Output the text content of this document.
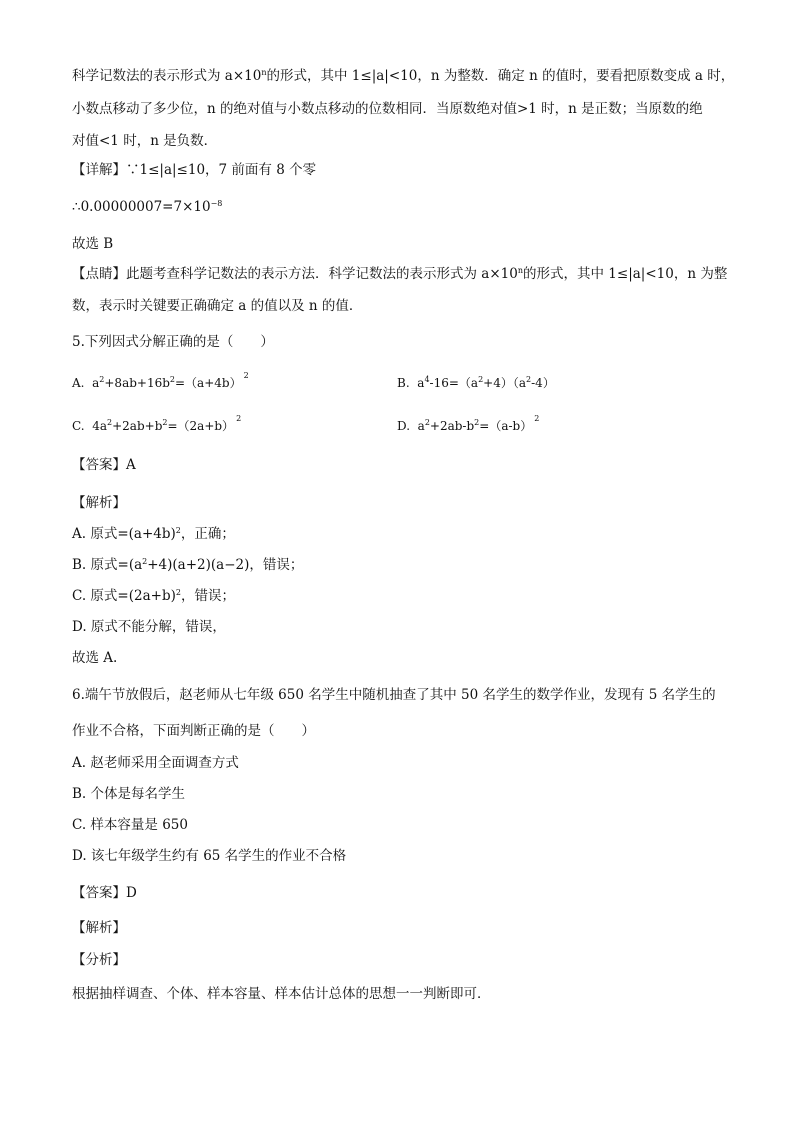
科学记数法的表示形式为 $a\times 10^n$的形式，其中 1≤|a|<10，n 为整数．确定 n 的值时，要看把原数变成 a 时，
小数点移动了多少位，n 的绝对值与小数点移动的位数相同．当原数绝对值>1 时，n 是正数；当原数的绝
对值<1 时，n 是负数．
【详解】∵1≤|a|≤10，7 前面有 8 个零
$\therefore 0.00000007=7\times 10^{-8}$
故选 B
【点睛】此题考查科学记数法的表示方法．科学记数法的表示形式为 $a\times 10^n$的形式，其中 1≤|a|<10，n 为整
数，表示时关键要正确确定 a 的值以及 n 的值．
5.下列因式分解正确的是（　　）
A. $a^2+8ab+16b^2=(a+4b)^2$
B. $a^4-16=(a^2+4)(a^2-4)$
C. $4a^2+2ab+b^2=(2a+b)^2$
D. $a^2+2ab-b^2=(a-b)^2$
【答案】A
【解析】
A. 原式$=(a+4b)^2$，正确；
B. 原式$=(a^2+4)(a+2)(a-2)$，错误；
C. 原式$=(2a+b)^2$，错误；
D. 原式不能分解，错误，
故选 A.
6.端午节放假后，赵老师从七年级 650 名学生中随机抽查了其中 50 名学生的数学作业，发现有 5 名学生的
作业不合格，下面判断正确的是（　　）
A. 赵老师采用全面调查方式
B. 个体是每名学生
C. 样本容量是 650
D. 该七年级学生约有 65 名学生的作业不合格
【答案】D
【解析】
【分析】
根据抽样调查、个体、样本容量、样本估计总体的思想一一判断即可．
